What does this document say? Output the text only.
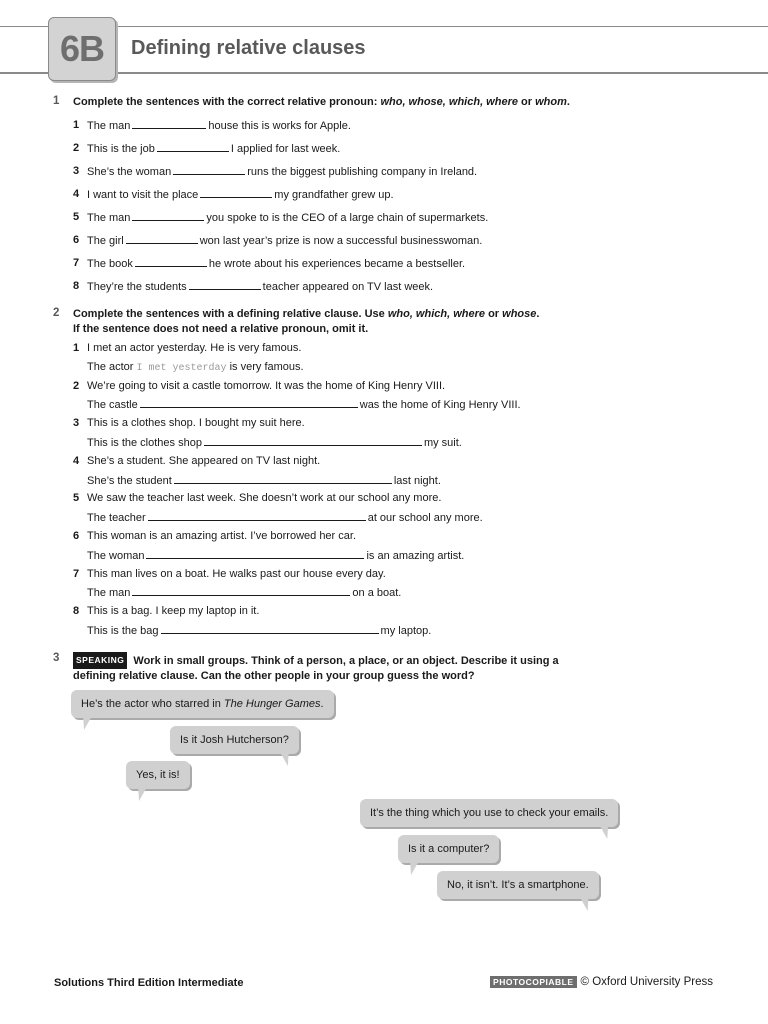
6B	Defining relative clauses
1 Complete the sentences with the correct relative pronoun: who, whose, which, where or whom.
1 The man	house this is works for Apple.
2 This is the job	I applied for last week.
3 She’s the woman	runs the biggest publishing company in Ireland.
4 I want to visit the place	my grandfather grew up.
5 The man	you spoke to is the CEO of a large chain of supermarkets.
6 The girl	won last year’s prize is now a successful businesswoman.
7 The book	he wrote about his experiences became a bestseller.
8 They’re the students	teacher appeared on TV last week.
2 Complete the sentences with a defining relative clause. Use who, which, where or whose.
If the sentence does not need a relative pronoun, omit it.
1 I met an actor yesterday. He is very famous.
The actor I met yesterday is very famous.
2 We’re going to visit a castle tomorrow. It was the home of King Henry VIII.
The castle	was the home of King Henry VIII.
3 This is a clothes shop. I bought my suit here.
This is the clothes shop	my suit.
4 She’s a student. She appeared on TV last night.
She’s the student	last night.
5 We saw the teacher last week. She doesn’t work at our school any more.
The teacher	at our school any more.
6 This woman is an amazing artist. I’ve borrowed her car.
The woman	is an amazing artist.
7 This man lives on a boat. He walks past our house every day.
The man	on a boat.
8 This is a bag. I keep my laptop in it.
This is the bag	my laptop.
3	SPEAKING Work in small groups. Think of a person, a place, or an object. Describe it using a
defining relative clause. Can the other people in your group guess the word?
He’s the actor who starred in The Hunger Games.
Is it Josh Hutcherson?
Yes, it is!
It’s the thing which you use to check your emails.
Is it a computer?
No, it isn’t. It’s a smartphone.
Solutions Third Edition Intermediate	PHOTOCOPIABLE © Oxford University Press
